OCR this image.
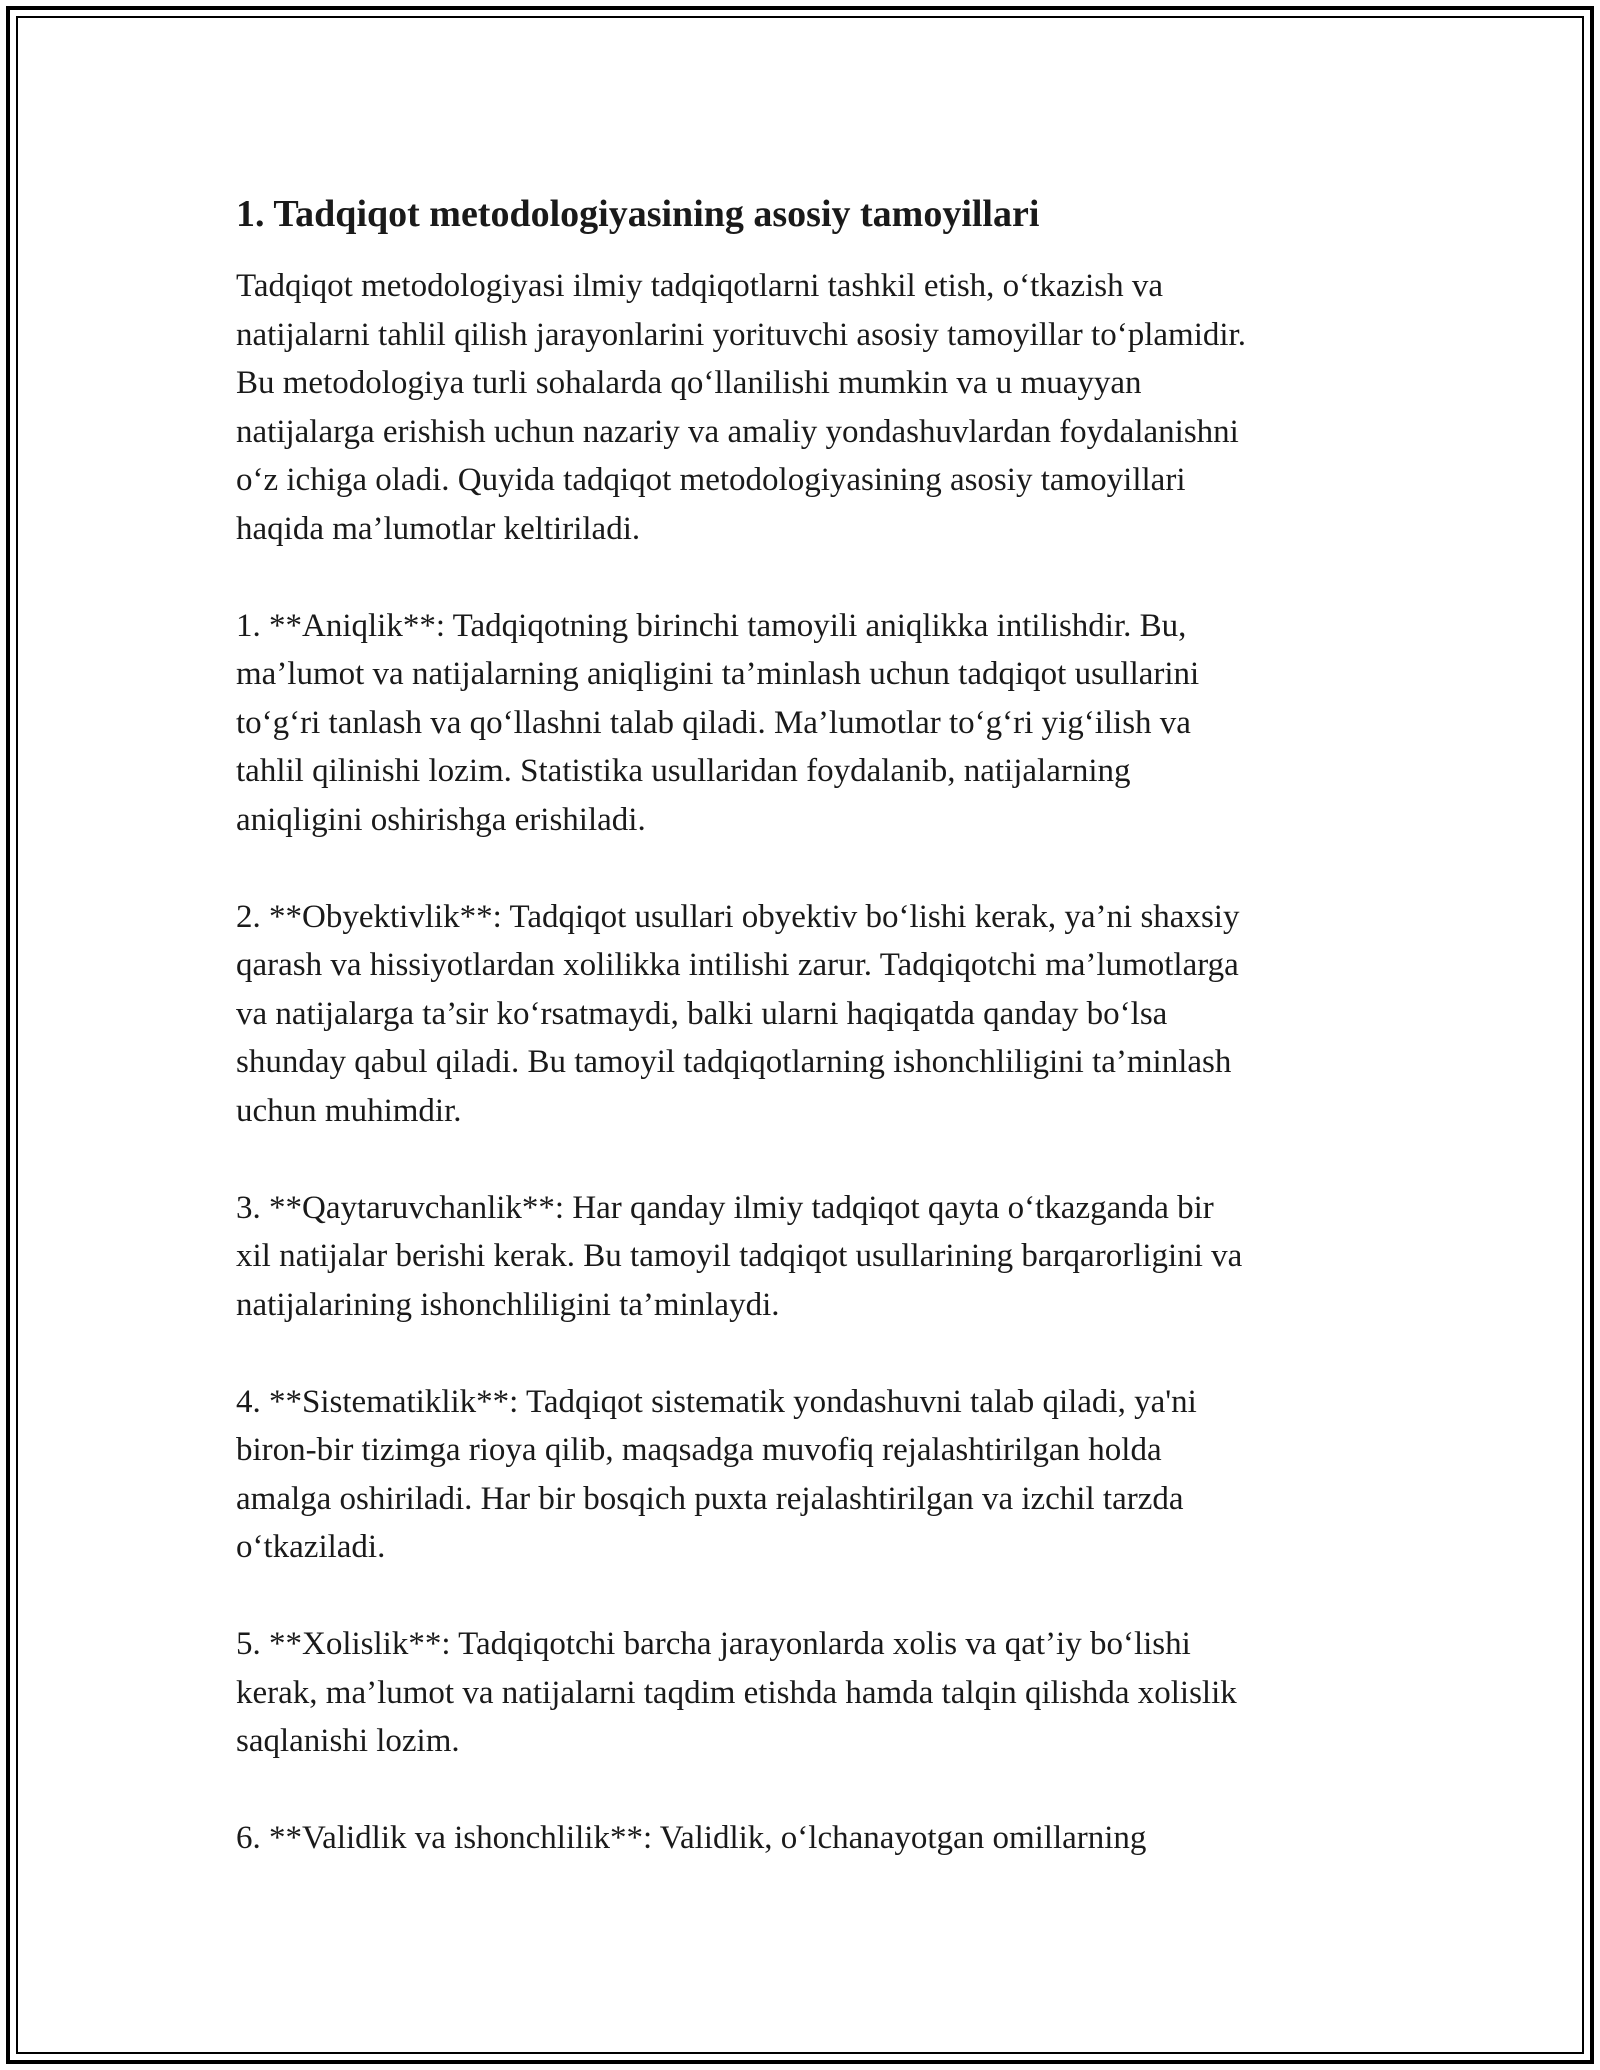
1. Tadqiqot metodologiyasining asosiy tamoyillari
Tadqiqot metodologiyasi ilmiy tadqiqotlarni tashkil etish, o‘tkazish va
natijalarni tahlil qilish jarayonlarini yorituvchi asosiy tamoyillar to‘plamidir.
Bu metodologiya turli sohalarda qo‘llanilishi mumkin va u muayyan
natijalarga erishish uchun nazariy va amaliy yondashuvlardan foydalanishni
o‘z ichiga oladi. Quyida tadqiqot metodologiyasining asosiy tamoyillari
haqida ma’lumotlar keltiriladi.
1. **Aniqlik**: Tadqiqotning birinchi tamoyili aniqlikka intilishdir. Bu,
ma’lumot va natijalarning aniqligini ta’minlash uchun tadqiqot usullarini
to‘g‘ri tanlash va qo‘llashni talab qiladi. Ma’lumotlar to‘g‘ri yig‘ilish va
tahlil qilinishi lozim. Statistika usullaridan foydalanib, natijalarning
aniqligini oshirishga erishiladi.
2. **Obyektivlik**: Tadqiqot usullari obyektiv bo‘lishi kerak, ya’ni shaxsiy
qarash va hissiyotlardan xolilikka intilishi zarur. Tadqiqotchi ma’lumotlarga
va natijalarga ta’sir ko‘rsatmaydi, balki ularni haqiqatda qanday bo‘lsa
shunday qabul qiladi. Bu tamoyil tadqiqotlarning ishonchliligini ta’minlash
uchun muhimdir.
3. **Qaytaruvchanlik**: Har qanday ilmiy tadqiqot qayta o‘tkazganda bir
xil natijalar berishi kerak. Bu tamoyil tadqiqot usullarining barqarorligini va
natijalarining ishonchliligini ta’minlaydi.
4. **Sistematiklik**: Tadqiqot sistematik yondashuvni talab qiladi, ya'ni
biron-bir tizimga rioya qilib, maqsadga muvofiq rejalashtirilgan holda
amalga oshiriladi. Har bir bosqich puxta rejalashtirilgan va izchil tarzda
o‘tkaziladi.
5. **Xolislik**: Tadqiqotchi barcha jarayonlarda xolis va qat’iy bo‘lishi
kerak, ma’lumot va natijalarni taqdim etishda hamda talqin qilishda xolislik
saqlanishi lozim.
6. **Validlik va ishonchlilik**: Validlik, o‘lchanayotgan omillarning
